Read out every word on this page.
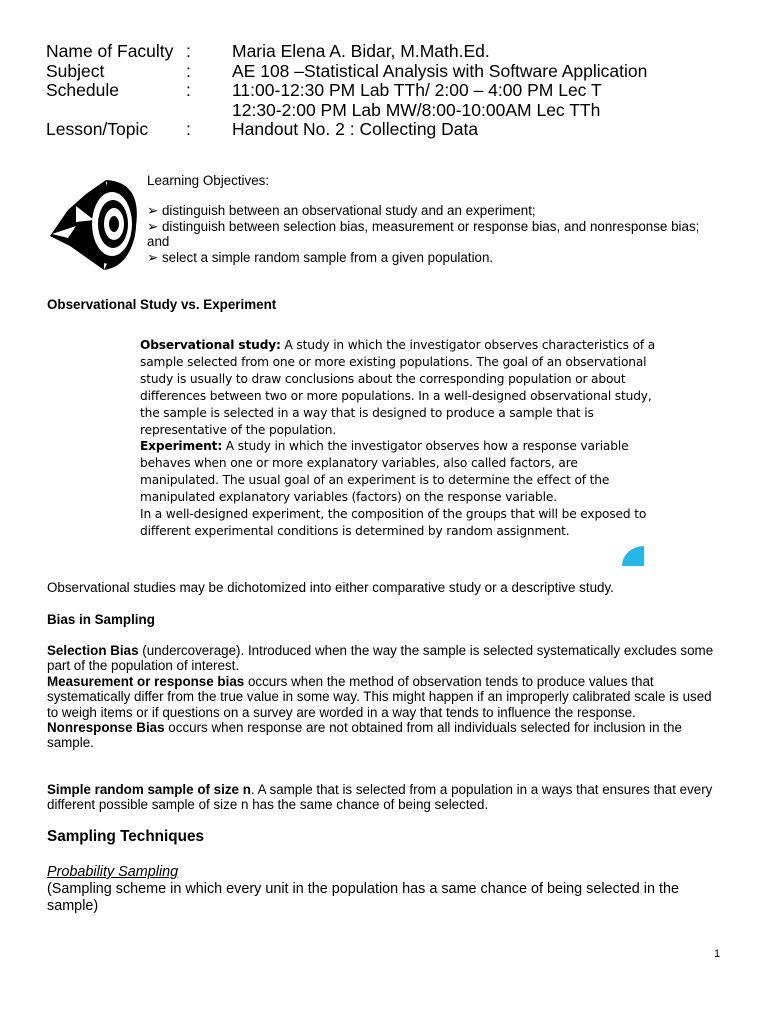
Name of Faculty :	Maria Elena A. Bidar, M.Math.Ed.
Subject	:	AE 108 –Statistical Analysis with Software Application
Schedule	:	11:00-12:30 PM Lab TTh/ 2:00 – 4:00 PM Lec T
12:30-2:00 PM Lab MW/8:00-10:00AM Lec TTh
Lesson/Topic	:	Handout No. 2 : Collecting Data
Learning Objectives:
➢ distinguish between an observational study and an experiment;
➢ distinguish between selection bias, measurement or response bias, and nonresponse bias; and
➢ select a simple random sample from a given population.
Observational Study vs. Experiment

Observational study: A study in which the investigator observes characteristics of a sample selected from one or more existing populations. The goal of an observational study is usually to draw conclusions about the corresponding population or about differences between two or more populations. In a well-designed observational study, the sample is selected in a way that is designed to produce a sample that is representative of the population.

Experiment: A study in which the investigator observes how a response variable behaves when one or more explanatory variables, also called factors, are manipulated. The usual goal of an experiment is to determine the effect of the manipulated explanatory variables (factors) on the response variable.

In a well-designed experiment, the composition of the groups that will be exposed to different experimental conditions is determined by random assignment.

Observational studies may be dichotomized into either comparative study or a descriptive study.
Bias in Sampling

Selection Bias (undercoverage). Introduced when the way the sample is selected systematically excludes some part of the population of interest.

Measurement or response bias occurs when the method of observation tends to produce values that systematically differ from the true value in some way. This might happen if an improperly calibrated scale is used to weigh items or if questions on a survey are worded in a way that tends to influence the response.

Nonresponse Bias occurs when response are not obtained from all individuals selected for inclusion in the sample.

Simple random sample of size n. A sample that is selected from a population in a ways that ensures that every different possible sample of size n has the same chance of being selected.

Sampling Techniques
Probability Sampling
(Sampling scheme in which every unit in the population has a same chance of being selected in the sample)
1
